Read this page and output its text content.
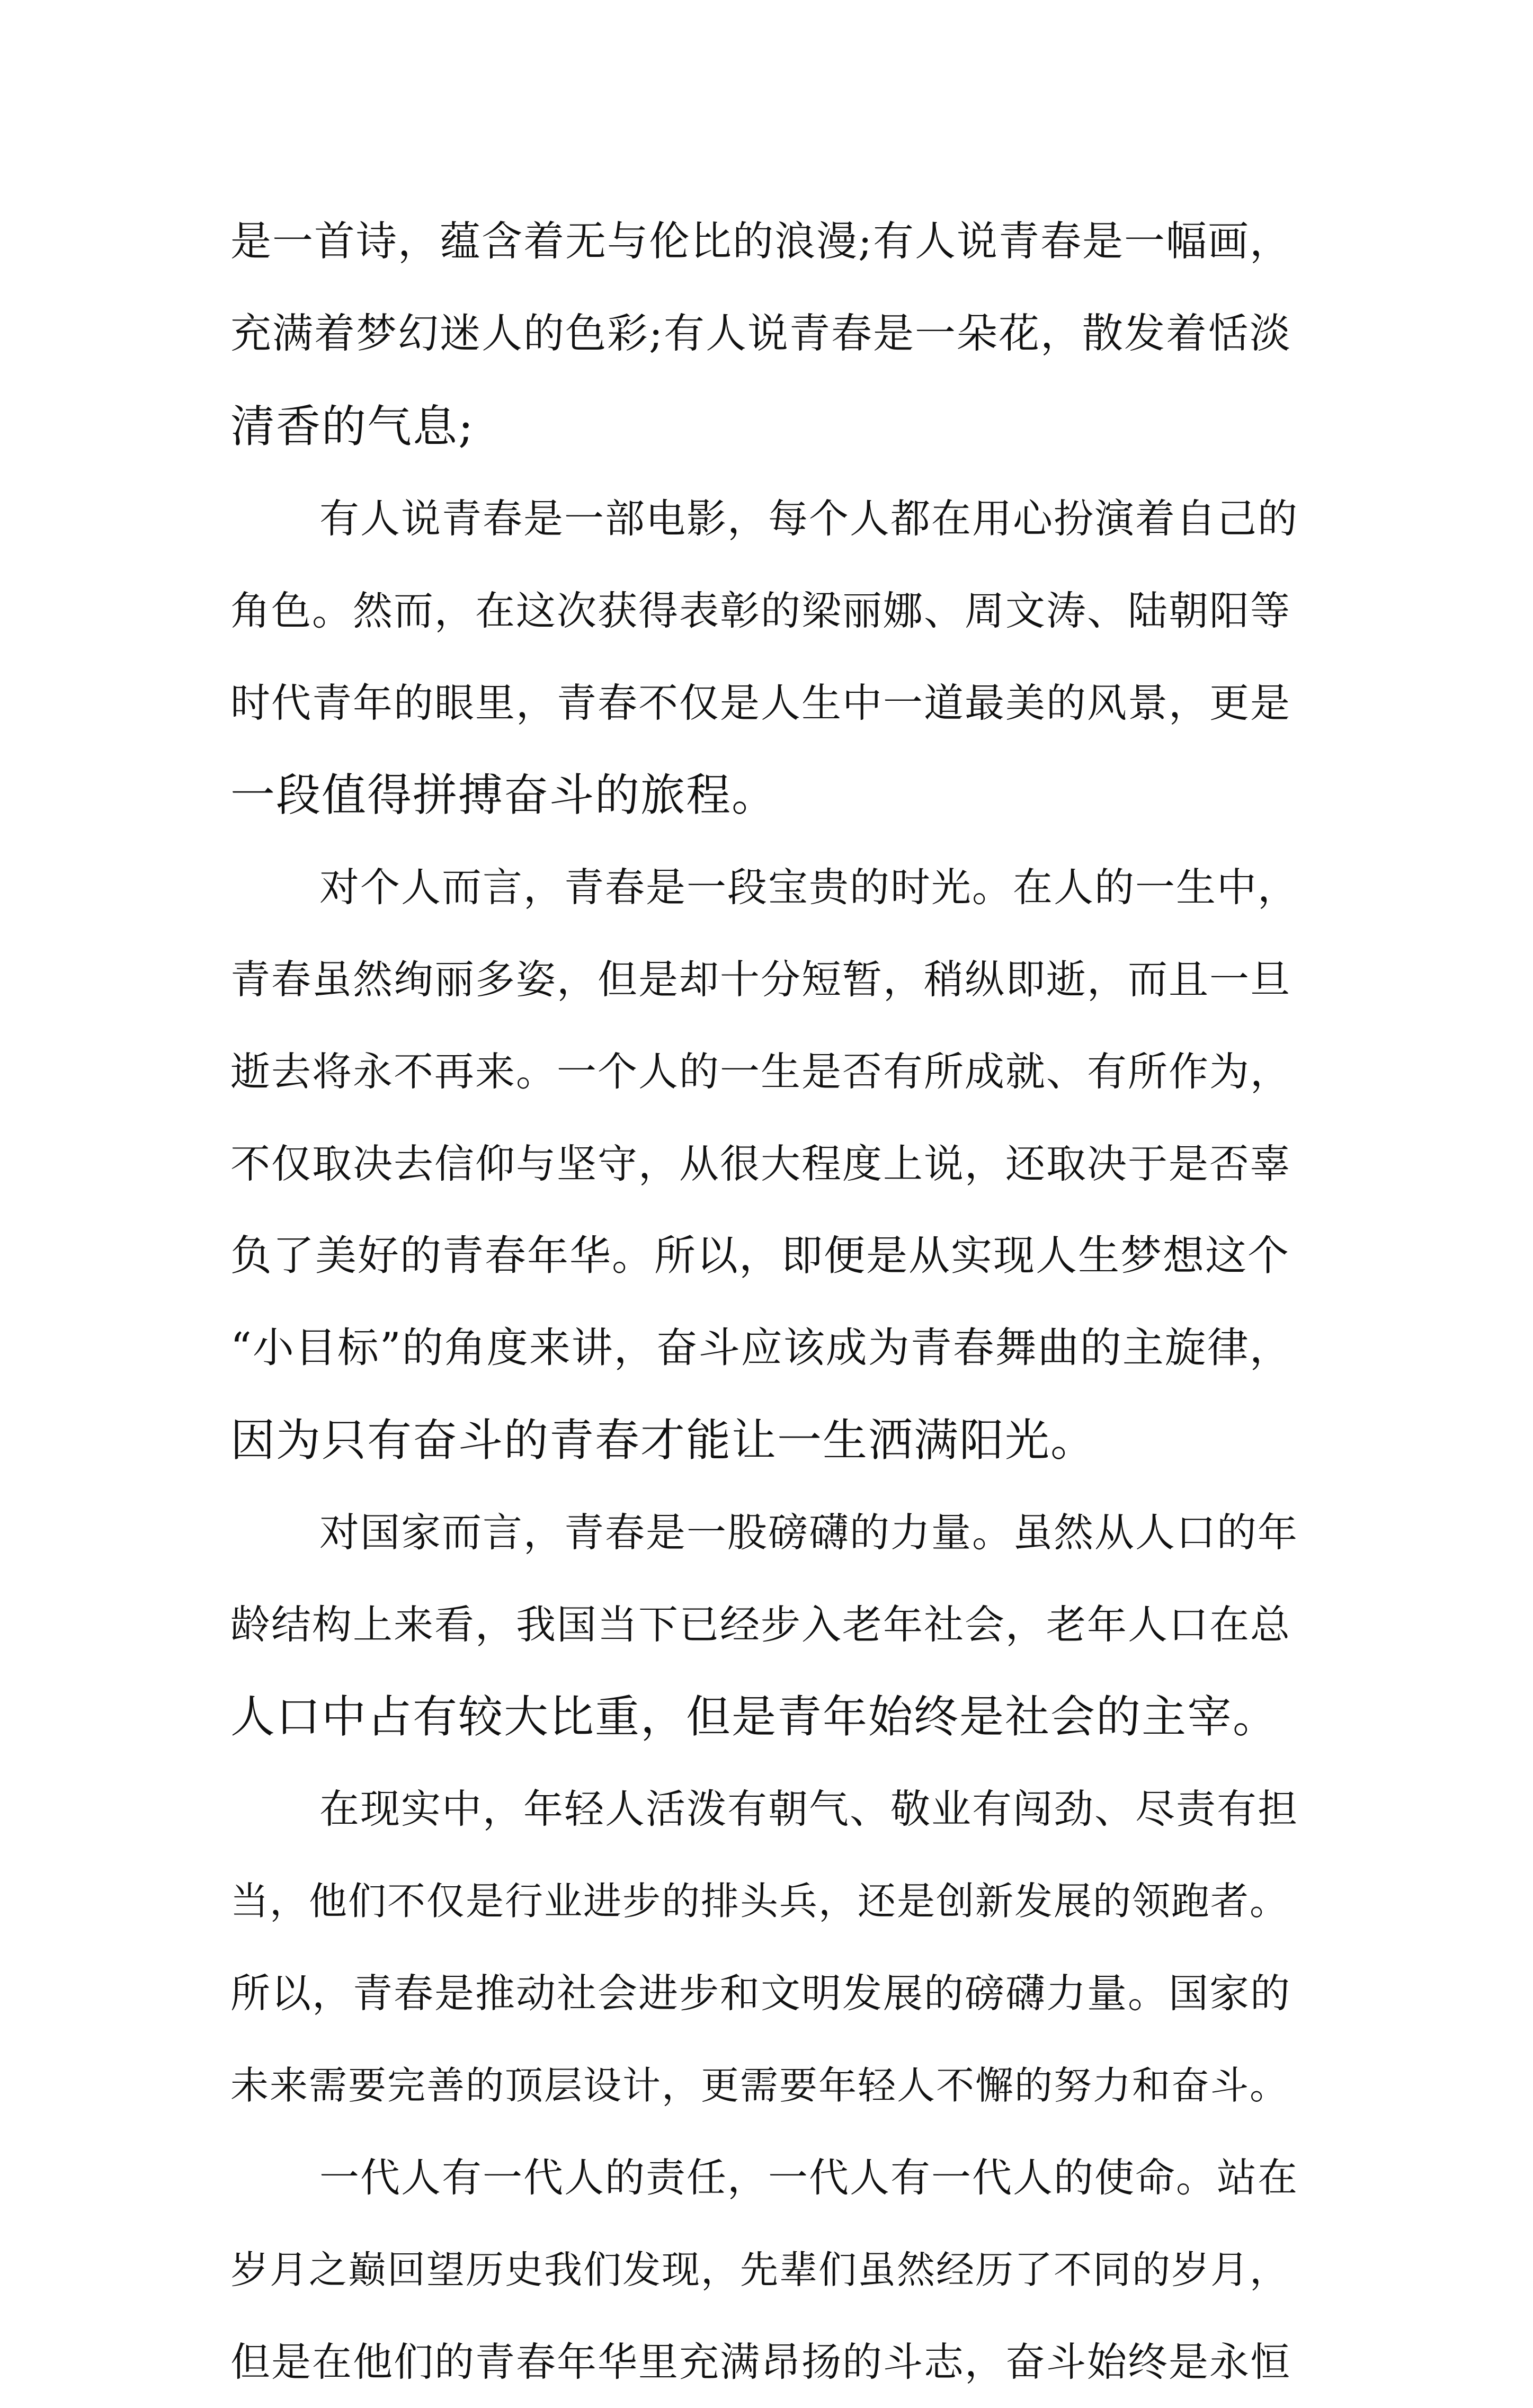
是一首诗，蕴含着无与伦比的浪漫;有人说青春是一幅画，
充满着梦幻迷人的色彩;有人说青春是一朵花，散发着恬淡
清香的气息;
有人说青春是一部电影，每个人都在用心扮演着自己的
角色。然而，在这次获得表彰的梁丽娜、周文涛、陆朝阳等
时代青年的眼里，青春不仅是人生中一道最美的风景，更是
一段值得拼搏奋斗的旅程。
对个人而言，青春是一段宝贵的时光。在人的一生中，
青春虽然绚丽多姿，但是却十分短暂，稍纵即逝，而且一旦
逝去将永不再来。一个人的一生是否有所成就、有所作为，
不仅取决去信仰与坚守，从很大程度上说，还取决于是否辜
负了美好的青春年华。所以，即便是从实现人生梦想这个
“小目标”的角度来讲，奋斗应该成为青春舞曲的主旋律，
因为只有奋斗的青春才能让一生洒满阳光。
对国家而言，青春是一股磅礴的力量。虽然从人口的年
龄结构上来看，我国当下已经步入老年社会，老年人口在总
人口中占有较大比重，但是青年始终是社会的主宰。
在现实中，年轻人活泼有朝气、敬业有闯劲、尽责有担
当，他们不仅是行业进步的排头兵，还是创新发展的领跑者。
所以，青春是推动社会进步和文明发展的磅礴力量。国家的
未来需要完善的顶层设计，更需要年轻人不懈的努力和奋斗。
一代人有一代人的责任，一代人有一代人的使命。站在
岁月之巅回望历史我们发现，先辈们虽然经历了不同的岁月，
但是在他们的青春年华里充满昂扬的斗志，奋斗始终是永恒
